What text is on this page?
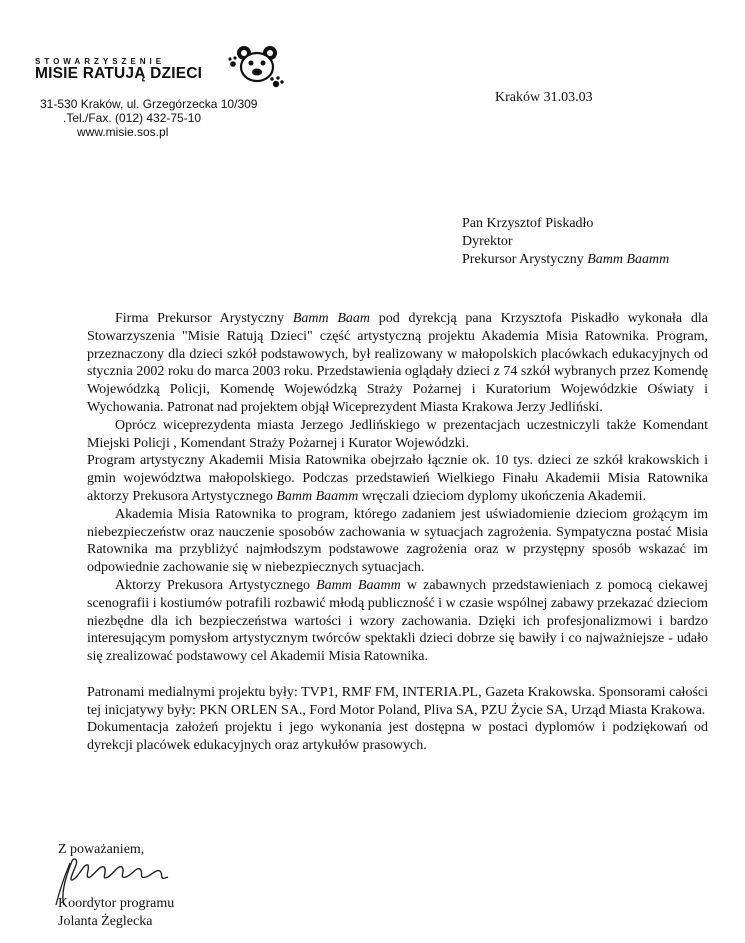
STOWARZYSZENIE
MISIE RATUJĄ DZIECI
31-530 Kraków, ul. Grzegórzecka 10/309
.Tel./Fax. (012) 432-75-10
www.misie.sos.pl
Kraków 31.03.03
Pan Krzysztof Piskadło
Dyrektor
Prekursor Arystyczny Bamm Baamm

Firma Prekursor Arystyczny Bamm Baam pod dyrekcją pana Krzysztofa Piskadło wykonała dla Stowarzyszenia "Misie Ratują Dzieci" część artystyczną projektu Akademia Misia Ratownika. Program, przeznaczony dla dzieci szkół podstawowych, był realizowany w małopolskich placówkach edukacyjnych od stycznia 2002 roku do marca 2003 roku. Przedstawienia oglądały dzieci z 74 szkół wybranych przez Komendę Wojewódzką Policji, Komendę Wojewódzką Straży Pożarnej i Kuratorium Wojewódzkie Oświaty i Wychowania. Patronat nad projektem objął Wiceprezydent Miasta Krakowa Jerzy Jedliński.

Oprócz wiceprezydenta miasta Jerzego Jedlińskiego w prezentacjach uczestniczyli także Komendant Miejski Policji , Komendant Straży Pożarnej i Kurator Wojewódzki.

Program artystyczny Akademii Misia Ratownika obejrzało łącznie ok. 10 tys. dzieci ze szkół krakowskich i gmin województwa małopolskiego. Podczas przedstawień Wielkiego Finału Akademii Misia Ratownika aktorzy Prekusora Artystycznego Bamm Baamm wręczali dzieciom dyplomy ukończenia Akademii.

Akademia Misia Ratownika to program, którego zadaniem jest uświadomienie dzieciom grożącym im niebezpieczeństw oraz nauczenie sposobów zachowania w sytuacjach zagrożenia. Sympatyczna postać Misia Ratownika ma przybliżyć najmłodszym podstawowe zagrożenia oraz w przystępny sposób wskazać im odpowiednie zachowanie się w niebezpiecznych sytuacjach.

Aktorzy Prekusora Artystycznego Bamm Baamm w zabawnych przedstawieniach z pomocą ciekawej scenografii i kostiumów potrafili rozbawić młodą publiczność i w czasie wspólnej zabawy przekazać dzieciom niezbędne dla ich bezpieczeństwa wartości i wzory zachowania. Dzięki ich profesjonalizmowi i bardzo interesującym pomysłom artystycznym twórców spektakli dzieci dobrze się bawiły i co najważniejsze - udało się zrealizować podstawowy cel Akademii Misia Ratownika.

Patronami medialnymi projektu były: TVP1, RMF FM, INTERIA.PL, Gazeta Krakowska. Sponsorami całości tej inicjatywy były: PKN ORLEN SA., Ford Motor Poland, Pliva SA, PZU Życie SA, Urząd Miasta Krakowa.

Dokumentacja założeń projektu i jego wykonania jest dostępna w postaci dyplomów i podziękowań od dyrekcji placówek edukacyjnych oraz artykułów prasowych.

Z poważaniem,
Koordytor programu
Jolanta Żeglecka
